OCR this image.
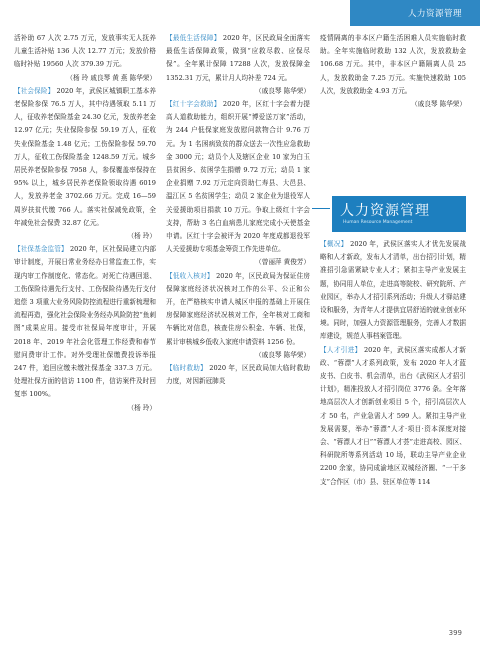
人力资源管理

活补助 67 人次 2.75 万元，发放事实无人抚养儿童生活补贴 136 人次 12.77 万元；发放价格临时补贴 19560 人次 379.39 万元。

（杨 玲 戚良琴 黄 燕 陈华荣）

【社会保险】 2020 年，武侯区城镇职工基本养老保险参保 76.5 万人，其中待遇领取 5.11 万人，征收养老保险基金 24.30 亿元，发放养老金 12.97 亿元；失业保险参保 59.19 万人，征收失业保险基金 1.48 亿元；工伤保险参保 59.70 万人，征收工伤保险基金 1248.59 万元。城乡居民养老保险参保 7958 人，参保覆盖率保持在 95% 以上，城乡居民养老保险领取待遇 6019 人，发放养老金 3702.66 万元。完成 16—59 周岁扶贫代缴 766 人。落实社保减免政策，全年减免社会保费 32.87 亿元。

（杨 玲）

【社保基金监管】 2020 年，区社保局建立内部审计制度，开展日常业务经办日常监查工作，实现内审工作制度化、常态化。对死亡待遇回退、工伤保险待遇先行支付、工伤保险待遇先行支付追偿 3 项重大业务风险防控流程进行重新梳理和流程再造，强化社会保险业务经办风险防控“鱼刺图”成果应用。接受市社保局年度审计，开展 2018 年、2019 年社会化管理工作经费和春节慰问费审计工作。对外受理社保缴费投诉举报 247 件，追回应缴未缴社保基金 337.3 万元。处理社保方面的信访 1100 件，信访案件及时回复率 100%。

（杨 玲）

【最低生活保障】 2020 年，区民政局全面落实最低生活保障政策，做到“应救尽救、应保尽保”。全年累计保障 17288 人次，发放保障金 1352.31 万元，累计月人均补差 724 元。

（戚良琴 陈华荣）

【红十字会救助】 2020 年，区红十字会着力提高人道救助能力，组织开展“博爱送万家”活动，为 244 户低保家庭发放慰问款物合计 9.76 万元。为 1 名困病致贫的群众送去一次性应急救助金 3000 元；动员个人及辖区企业 10 家为白玉县贫困乡、贫困学生捐赠 9.72 万元；动员 1 家企业捐赠 7.92 万元定向资助仁寿县、大邑县、温江区 5 名贫困学生；动员 2 家企业为退役军人关爱援助项目捐款 10 万元。争取上级红十字会支持，帮助 3 名白血病患儿家庭完成小天使基金申请。区红十字会被评为 2020 年度成都退役军人关爱援助专项基金筹资工作先进单位。

（曾丽萍 黄俊芳）

【低收入核对】 2020 年，区民政局为保证住房保障家庭经济状况核对工作的公平、公正和公开，在严格核实申请人城区申报的基础上开展住房保障家庭经济状况核对工作，全年核对工商和车辆比对信息，核查住房公积金、车辆、社保，累计审核城乡低收入家庭申请资料 1256 份。

（戚良琴 陈华荣）

【临时救助】 2020 年，区民政局加大临时救助力度，对因新冠肺炎

疫情隔离的非本区户籍生活困难人员实施临时救助。全年实施临时救助 132 人次，发放救助金 106.68 万元。其中，非本区户籍隔离人员 25 人，发放救助金 7.25 万元。实施快速救助 105 人次，发放救助金 4.93 万元。

（戚良琴 陈华荣）

人力资源管理
Human Resource Management

【概况】 2020 年，武侯区落实人才优先发展战略和人才新政，发布人才清单，出台招引计划，精准招引急需紧缺专业人才；紧扣主导产业发展主题，协同用人单位，走进高等院校、研究院所、产业园区，举办人才招引系列活动；升级人才驿站建设和服务，为青年人才提供宜居舒适的就业创业环境。同时，加强人力资源管理服务，完善人才数据库建设，规范人事档案管理。

【人才引进】 2020 年，武侯区落实成都人才新政、“蓉漂”人才系列政策，发布 2020 年人才蓝皮书、白皮书、机会清单，出台《武侯区人才招引计划》，精准投放人才招引岗位 3776 条。全年落地高层次人才创新创业项目 5 个，招引高层次人才 50 名，产业急需人才 599 人。紧扣主导产业发展需要，举办“蓉漂”人才·项目·资本深度对接会、“蓉漂人才日”“蓉漂人才荟”走进高校、园区、科研院所等系列活动 10 场，联动主导产业企业 2200 余家，协同成渝地区双城经济圈、“一干多支”合作区（市）县、驻区单位等 114

399
